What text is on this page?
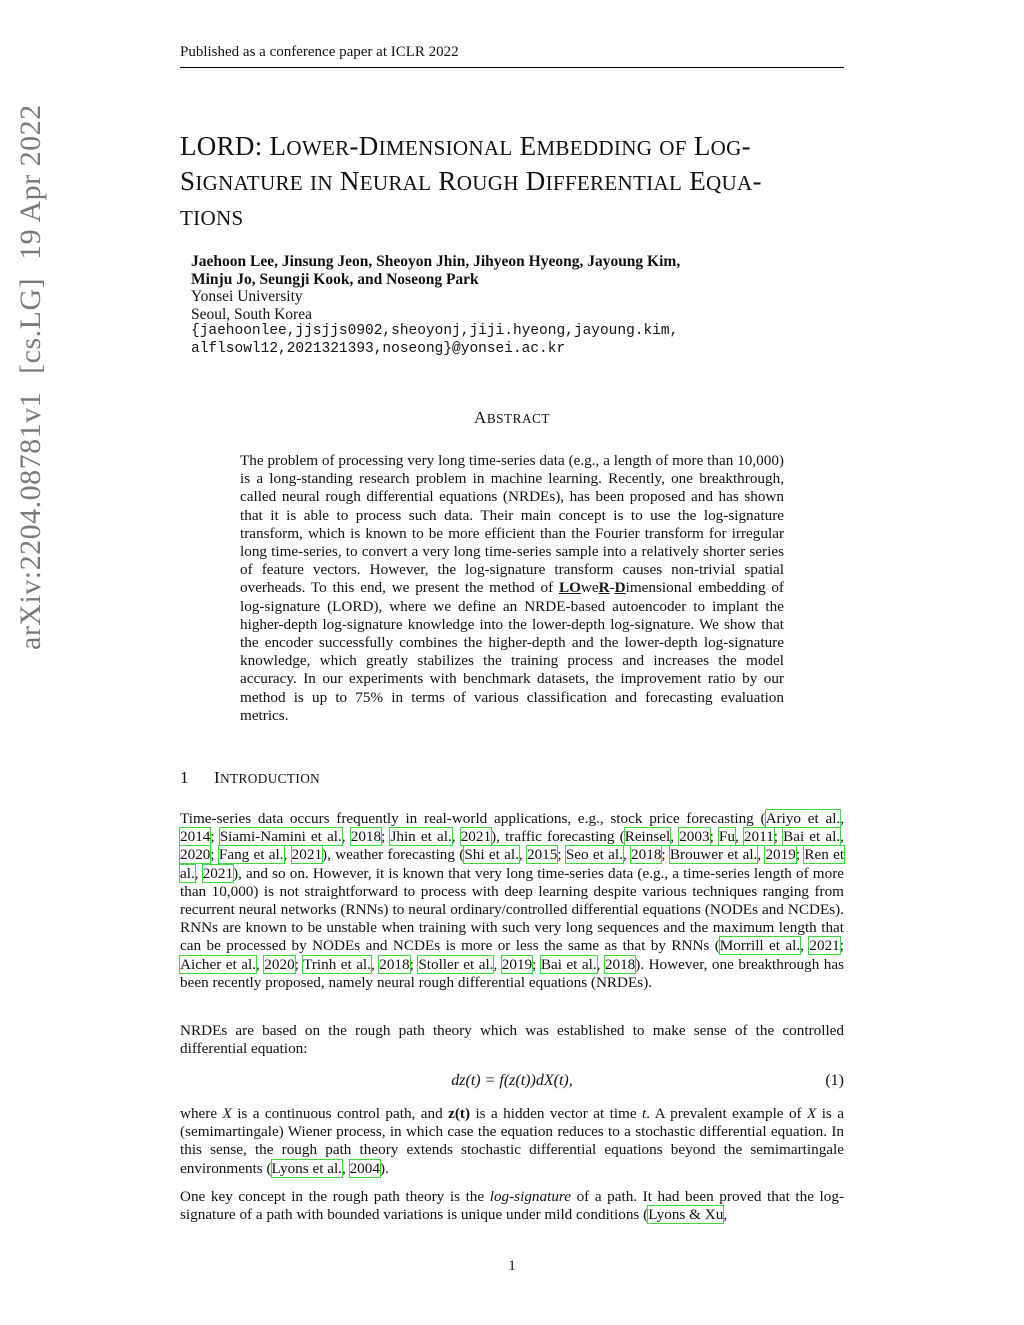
Published as a conference paper at ICLR 2022
arXiv:2204.08781v1[cs.LG]19 Apr 2022	LORD: LOWER-DIMENSIONAL EMBEDDING OF LOG-
SIGNATURE IN NEURAL ROUGH DIFFERENTIAL EQUA-
TIONS
Jaehoon Lee, Jinsung Jeon, Sheoyon Jhin, Jihyeon Hyeong, Jayoung Kim,
Minju Jo, Seungji Kook, and Noseong Park
Yonsei University
Seoul, South Korea
{jaehoonlee,jjsjjs0902,sheoyonj,jiji.hyeong,jayoung.kim,
alflsowl12,2021321393,noseong}@yonsei.ac.kr
ABSTRACT
The problem of processing very long time-series data (e.g., a length of more than 10,000) is a long-standing research problem in machine learning. Recently, one breakthrough, called neural rough differential equations (NRDEs), has been proposed and has shown that it is able to process such data. Their main concept is to use the log-signature transform, which is known to be more efficient than the Fourier transform for irregular long time-series, to convert a very long time-series sample into a relatively shorter series of feature vectors. However, the log-signature transform causes non-trivial spatial overheads. To this end, we present the method of LOweR-Dimensional embedding of log-signature (LORD), where we define an NRDE-based autoencoder to implant the higher-depth log-signature knowledge into the lower-depth log-signature. We show that the encoder successfully combines the higher-depth and the lower-depth log-signature knowledge, which greatly stabilizes the training process and increases the model accuracy. In our experiments with benchmark datasets, the improvement ratio by our method is up to 75% in terms of various classification and forecasting evaluation metrics.
1 INTRODUCTION
Time-series data occurs frequently in real-world applications, e.g., stock price forecasting (Ariyo et al., 2014; Siami-Namini et al., 2018; Jhin et al., 2021), traffic forecasting (Reinsel, 2003; Fu, 2011; Bai et al., 2020; Fang et al., 2021), weather forecasting (Shi et al., 2015; Seo et al., 2018; Brouwer et al., 2019; Ren et al., 2021), and so on. However, it is known that very long time-series data (e.g., a time-series length of more than 10,000) is not straightforward to process with deep learning despite various techniques ranging from recurrent neural networks (RNNs) to neural ordinary/controlled differential equations (NODEs and NCDEs). RNNs are known to be unstable when training with such very long sequences and the maximum length that can be processed by NODEs and NCDEs is more or less the same as that by RNNs (Morrill et al., 2021; Aicher et al., 2020; Trinh et al., 2018; Stoller et al., 2019; Bai et al., 2018). However, one breakthrough has been recently proposed, namely neural rough differential equations (NRDEs).
NRDEs are based on the rough path theory which was established to make sense of the controlled differential equation:
dz(t) = f(z(t))dX(t),	(1)
where X is a continuous control path, and z(t) is a hidden vector at time t. A prevalent example of X is a (semimartingale) Wiener process, in which case the equation reduces to a stochastic differential equation. In this sense, the rough path theory extends stochastic differential equations beyond the semimartingale environments (Lyons et al., 2004).
One key concept in the rough path theory is the log-signature of a path. It had been proved that the log-signature of a path with bounded variations is unique under mild conditions (Lyons & Xu,
1
